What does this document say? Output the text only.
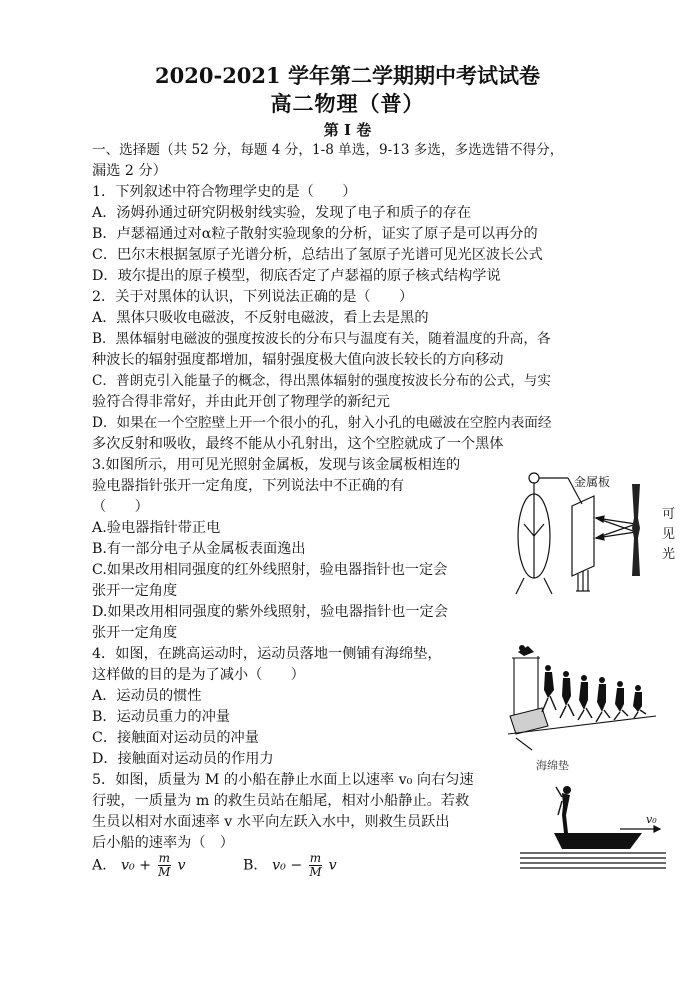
2020-2021 学年第二学期期中考试试卷
高二物理（普）
第 I 卷
一、选择题（共 52 分，每题 4 分，1-8 单选，9-13 多选，多选选错不得分，
漏选 2 分）
1．下列叙述中符合物理学史的是（　　）
A．汤姆孙通过研究阴极射线实验，发现了电子和质子的存在
B．卢瑟福通过对α粒子散射实验现象的分析，证实了原子是可以再分的
C．巴尔末根据氢原子光谱分析，总结出了氢原子光谱可见光区波长公式
D．玻尔提出的原子模型，彻底否定了卢瑟福的原子核式结构学说
2．关于对黑体的认识，下列说法正确的是（　　）
A．黑体只吸收电磁波，不反射电磁波，看上去是黑的
B．黑体辐射电磁波的强度按波长的分布只与温度有关，随着温度的升高，各
种波长的辐射强度都增加，辐射强度极大值向波长较长的方向移动
C．普朗克引入能量子的概念，得出黑体辐射的强度按波长分布的公式，与实
验符合得非常好，并由此开创了物理学的新纪元
D．如果在一个空腔壁上开一个很小的孔，射入小孔的电磁波在空腔内表面经
多次反射和吸收，最终不能从小孔射出，这个空腔就成了一个黑体
3.如图所示，用可见光照射金属板，发现与该金属板相连的
验电器指针张开一定角度，下列说法中不正确的有
（　　）
A.验电器指针带正电
B.有一部分电子从金属板表面逸出
C.如果改用相同强度的红外线照射，验电器指针也一定会
张开一定角度
D.如果改用相同强度的紫外线照射，验电器指针也一定会
张开一定角度
金属板
可
见
光
4．如图，在跳高运动时，运动员落地一侧铺有海绵垫，
这样做的目的是为了减小（　　）
A．运动员的惯性
B．运动员重力的冲量
C．接触面对运动员的冲量
D．接触面对运动员的作用力	海绵垫
5．如图，质量为 M 的小船在静止水面上以速率 v₀ 向右匀速
行驶，一质量为 m 的救生员站在船尾，相对小船静止。若救
生员以相对水面速率 v 水平向左跃入水中，则救生员跃出
后小船的速率为（　）
A． $v_0 + \frac{m}{M}$ v	B． $v_0 - \frac{m}{M}$ v
v₀
